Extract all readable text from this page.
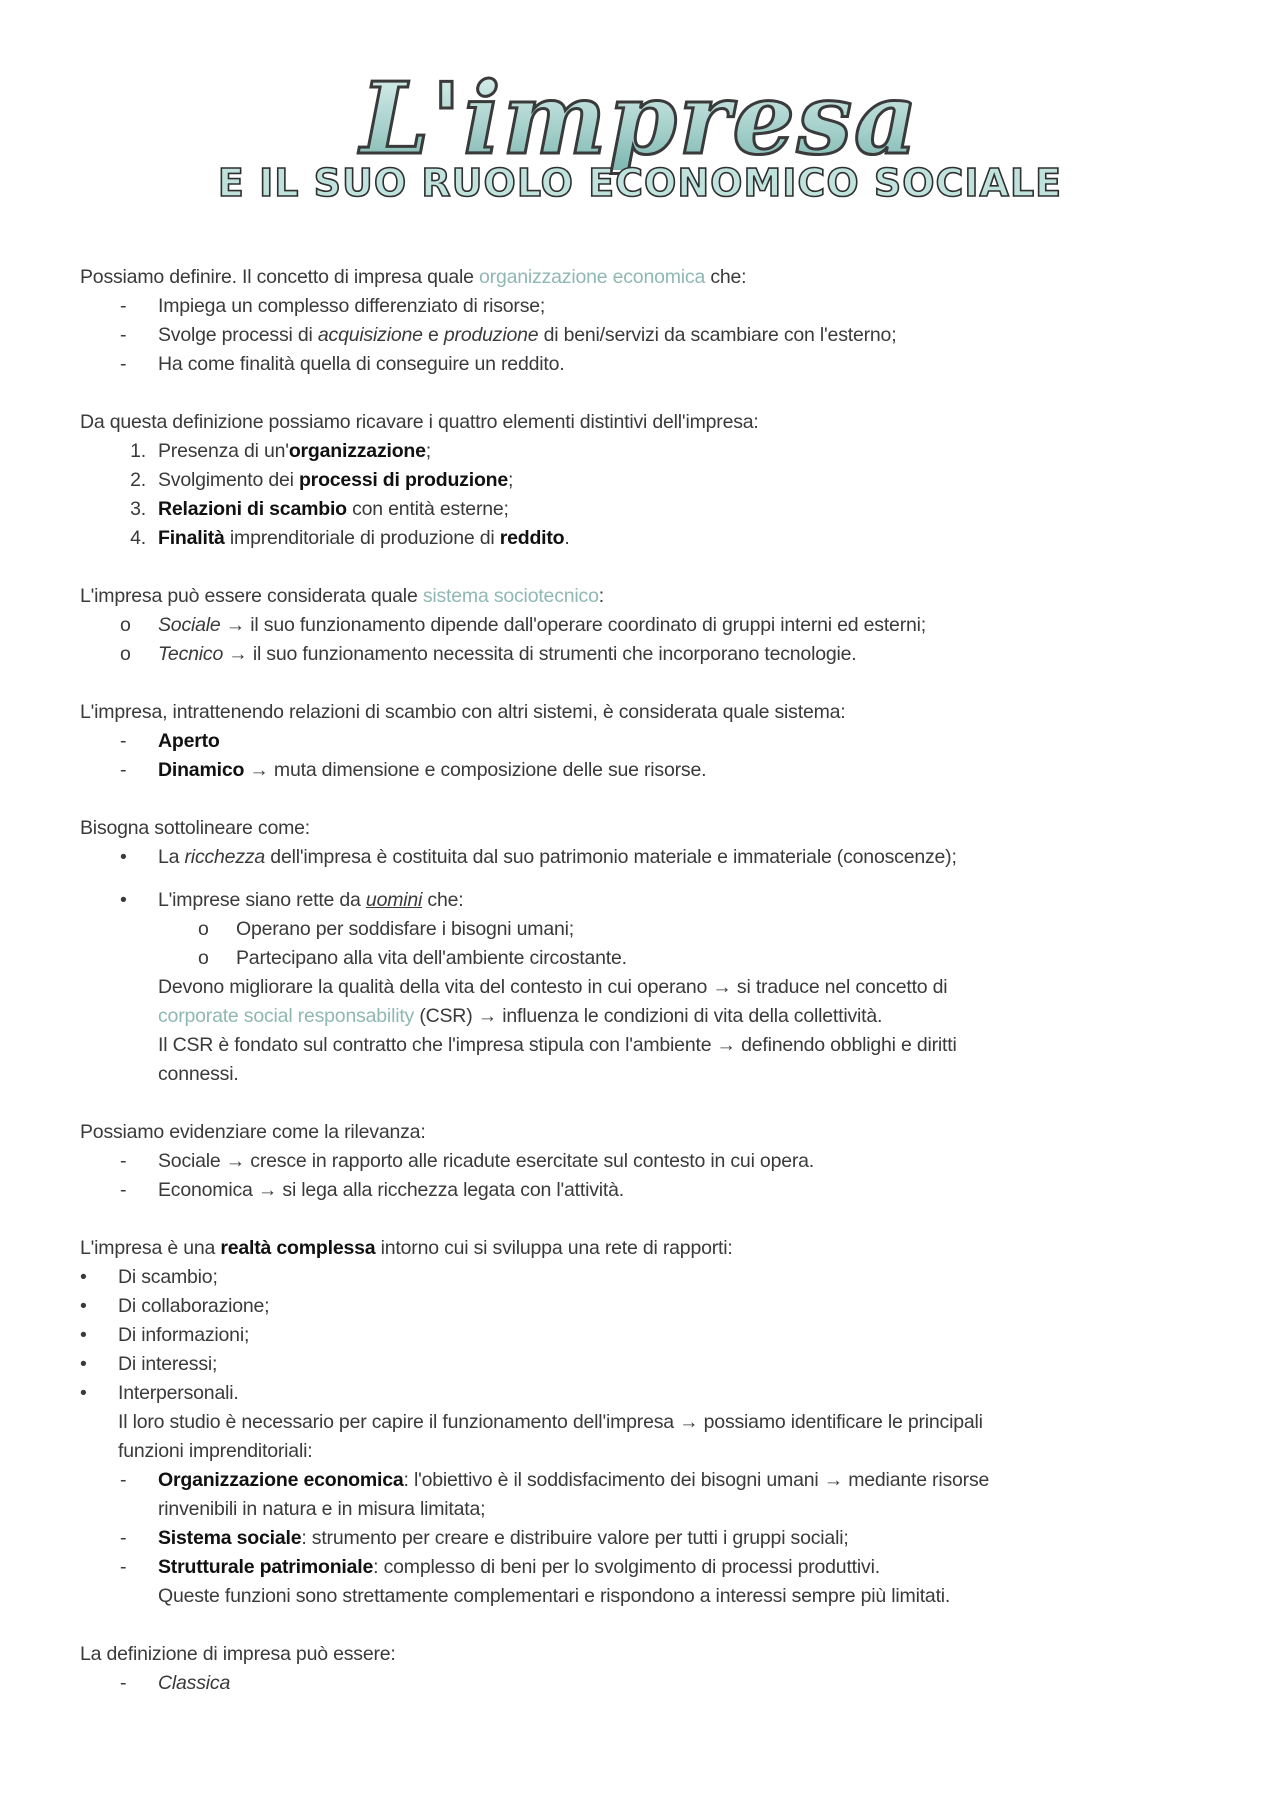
L'impresa
E IL SUO RUOLO ECONOMICO SOCIALE
Possiamo definire. Il concetto di impresa quale organizzazione economica che:
- Impiega un complesso differenziato di risorse;
- Svolge processi di acquisizione e produzione di beni/servizi da scambiare con l'esterno;
- Ha come finalità quella di conseguire un reddito.
Da questa definizione possiamo ricavare i quattro elementi distintivi dell'impresa:
1. Presenza di un'organizzazione;
2. Svolgimento dei processi di produzione;
3. Relazioni di scambio con entità esterne;
4. Finalità imprenditoriale di produzione di reddito.
L'impresa può essere considerata quale sistema sociotecnico:
o Sociale → il suo funzionamento dipende dall'operare coordinato di gruppi interni ed esterni;
o Tecnico → il suo funzionamento necessita di strumenti che incorporano tecnologie.
L'impresa, intrattenendo relazioni di scambio con altri sistemi, è considerata quale sistema:
- Aperto
- Dinamico → muta dimensione e composizione delle sue risorse.
Bisogna sottolineare come:
• La ricchezza dell'impresa è costituita dal suo patrimonio materiale e immateriale (conoscenze);
• L'imprese siano rette da uomini che:
o Operano per soddisfare i bisogni umani;
o Partecipano alla vita dell'ambiente circostante.
Devono migliorare la qualità della vita del contesto in cui operano → si traduce nel concetto di
corporate social responsability (CSR) → influenza le condizioni di vita della collettività.
Il CSR è fondato sul contratto che l'impresa stipula con l'ambiente → definendo obblighi e diritti
connessi.
Possiamo evidenziare come la rilevanza:
- Sociale → cresce in rapporto alle ricadute esercitate sul contesto in cui opera.
- Economica → si lega alla ricchezza legata con l'attività.
L'impresa è una realtà complessa intorno cui si sviluppa una rete di rapporti:
• Di scambio;
• Di collaborazione;
• Di informazioni;
• Di interessi;
• Interpersonali.
Il loro studio è necessario per capire il funzionamento dell'impresa → possiamo identificare le principali
funzioni imprenditoriali:
- Organizzazione economica: l'obiettivo è il soddisfacimento dei bisogni umani → mediante risorse
rinvenibili in natura e in misura limitata;
- Sistema sociale: strumento per creare e distribuire valore per tutti i gruppi sociali;
- Strutturale patrimoniale: complesso di beni per lo svolgimento di processi produttivi.
Queste funzioni sono strettamente complementari e rispondono a interessi sempre più limitati.
La definizione di impresa può essere:
- Classica
